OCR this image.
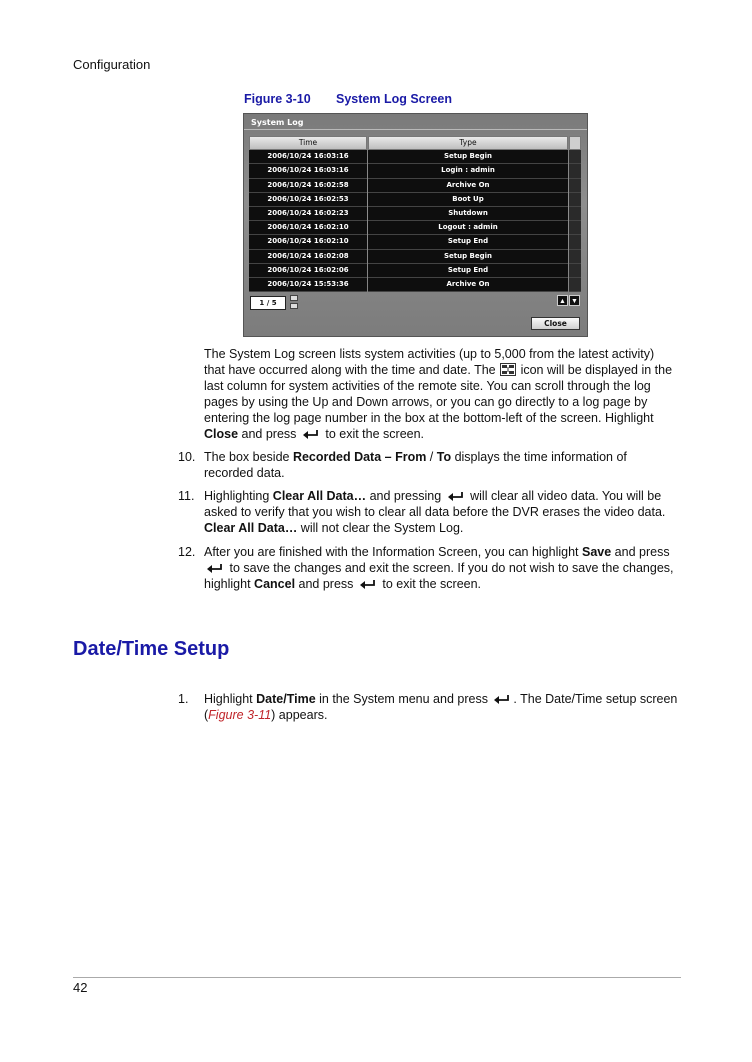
Configuration
Figure 3-10 System Log Screen
System Log
Time	Type
2006/10/24 16:03:16	Setup Begin
2006/10/24 16:03:16	Login : admin
2006/10/24 16:02:58	Archive On
2006/10/24 16:02:53	Boot Up
2006/10/24 16:02:23	Shutdown
2006/10/24 16:02:10	Logout : admin
2006/10/24 16:02:10	Setup End
2006/10/24 16:02:08	Setup Begin
2006/10/24 16:02:06	Setup End
2006/10/24 15:53:36	Archive On
1 / 5	▲ ▼
Close
The System Log screen lists system activities (up to 5,000 from the latest activity) that have occurred along with the time and date. The  icon will be displayed in the last column for system activities of the remote site. You can scroll through the log pages by using the Up and Down arrows, or you can go directly to a log page by entering the log page number in the box at the bottom-left of the screen. Highlight Close and press
to exit the screen.
10. The box beside Recorded Data – From / To displays the time information of recorded data.
11. Highlighting Clear All Data… and pressing
will clear all video data. You will be asked to verify that you wish to clear all data before the DVR erases the video data. Clear All Data… will not clear the System Log.
12. After you are finished with the Information Screen, you can highlight Save and press
to save the changes and exit the screen. If you do not wish to save the changes, highlight Cancel and press
to exit the screen.
Date/Time Setup
1. Highlight Date/Time in the System menu and press
. The Date/Time setup screen (Figure 3-11) appears.
42
